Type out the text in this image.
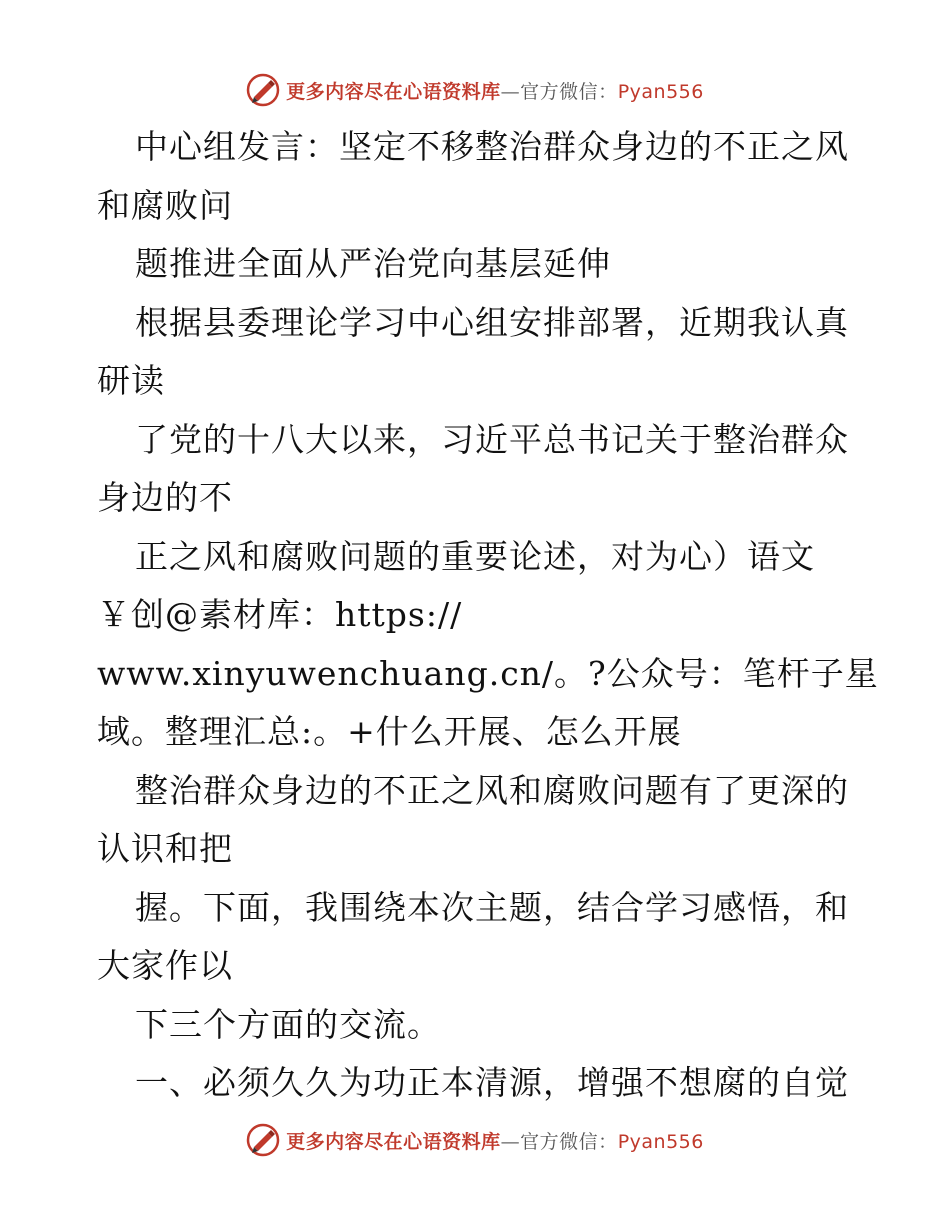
更多内容尽在心语资料库—官方微信：Pyan556
中心组发言：坚定不移整治群众身边的不正之风
和腐败问
题推进全面从严治党向基层延伸
根据县委理论学习中心组安排部署，近期我认真
研读
了党的十八大以来，习近平总书记关于整治群众
身边的不
正之风和腐败问题的重要论述，对为心）语文
￥创@素材库：https://
www.xinyuwenchuang.cn/。?公众号：笔杆子星
域。整理汇总:。+什么开展、怎么开展
整治群众身边的不正之风和腐败问题有了更深的
认识和把
握。下面，我围绕本次主题，结合学习感悟，和
大家作以
下三个方面的交流。
一、必须久久为功正本清源，增强不想腐的自觉
更多内容尽在心语资料库—官方微信：Pyan556
